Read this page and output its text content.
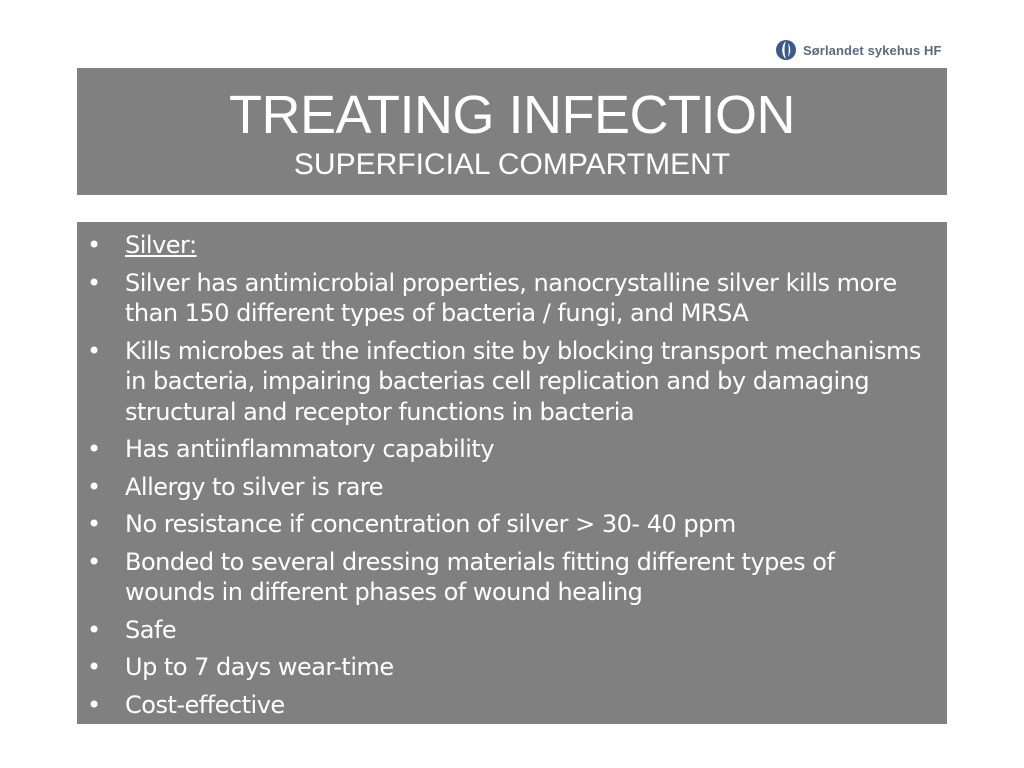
Sørlandet sykehus HF
TREATING INFECTION
SUPERFICIAL COMPARTMENT
• Silver:
• Silver has antimicrobial properties, nanocrystalline silver kills more than 150 different types of bacteria / fungi, and MRSA
• Kills microbes at the infection site by blocking transport mechanisms in bacteria, impairing bacterias cell replication and by damaging structural and receptor functions in bacteria
• Has antiinflammatory capability
• Allergy to silver is rare
• No resistance if concentration of silver > 30- 40 ppm
• Bonded to several dressing materials fitting different types of wounds in different phases of wound healing
• Safe
• Up to 7 days wear-time
• Cost-effective
